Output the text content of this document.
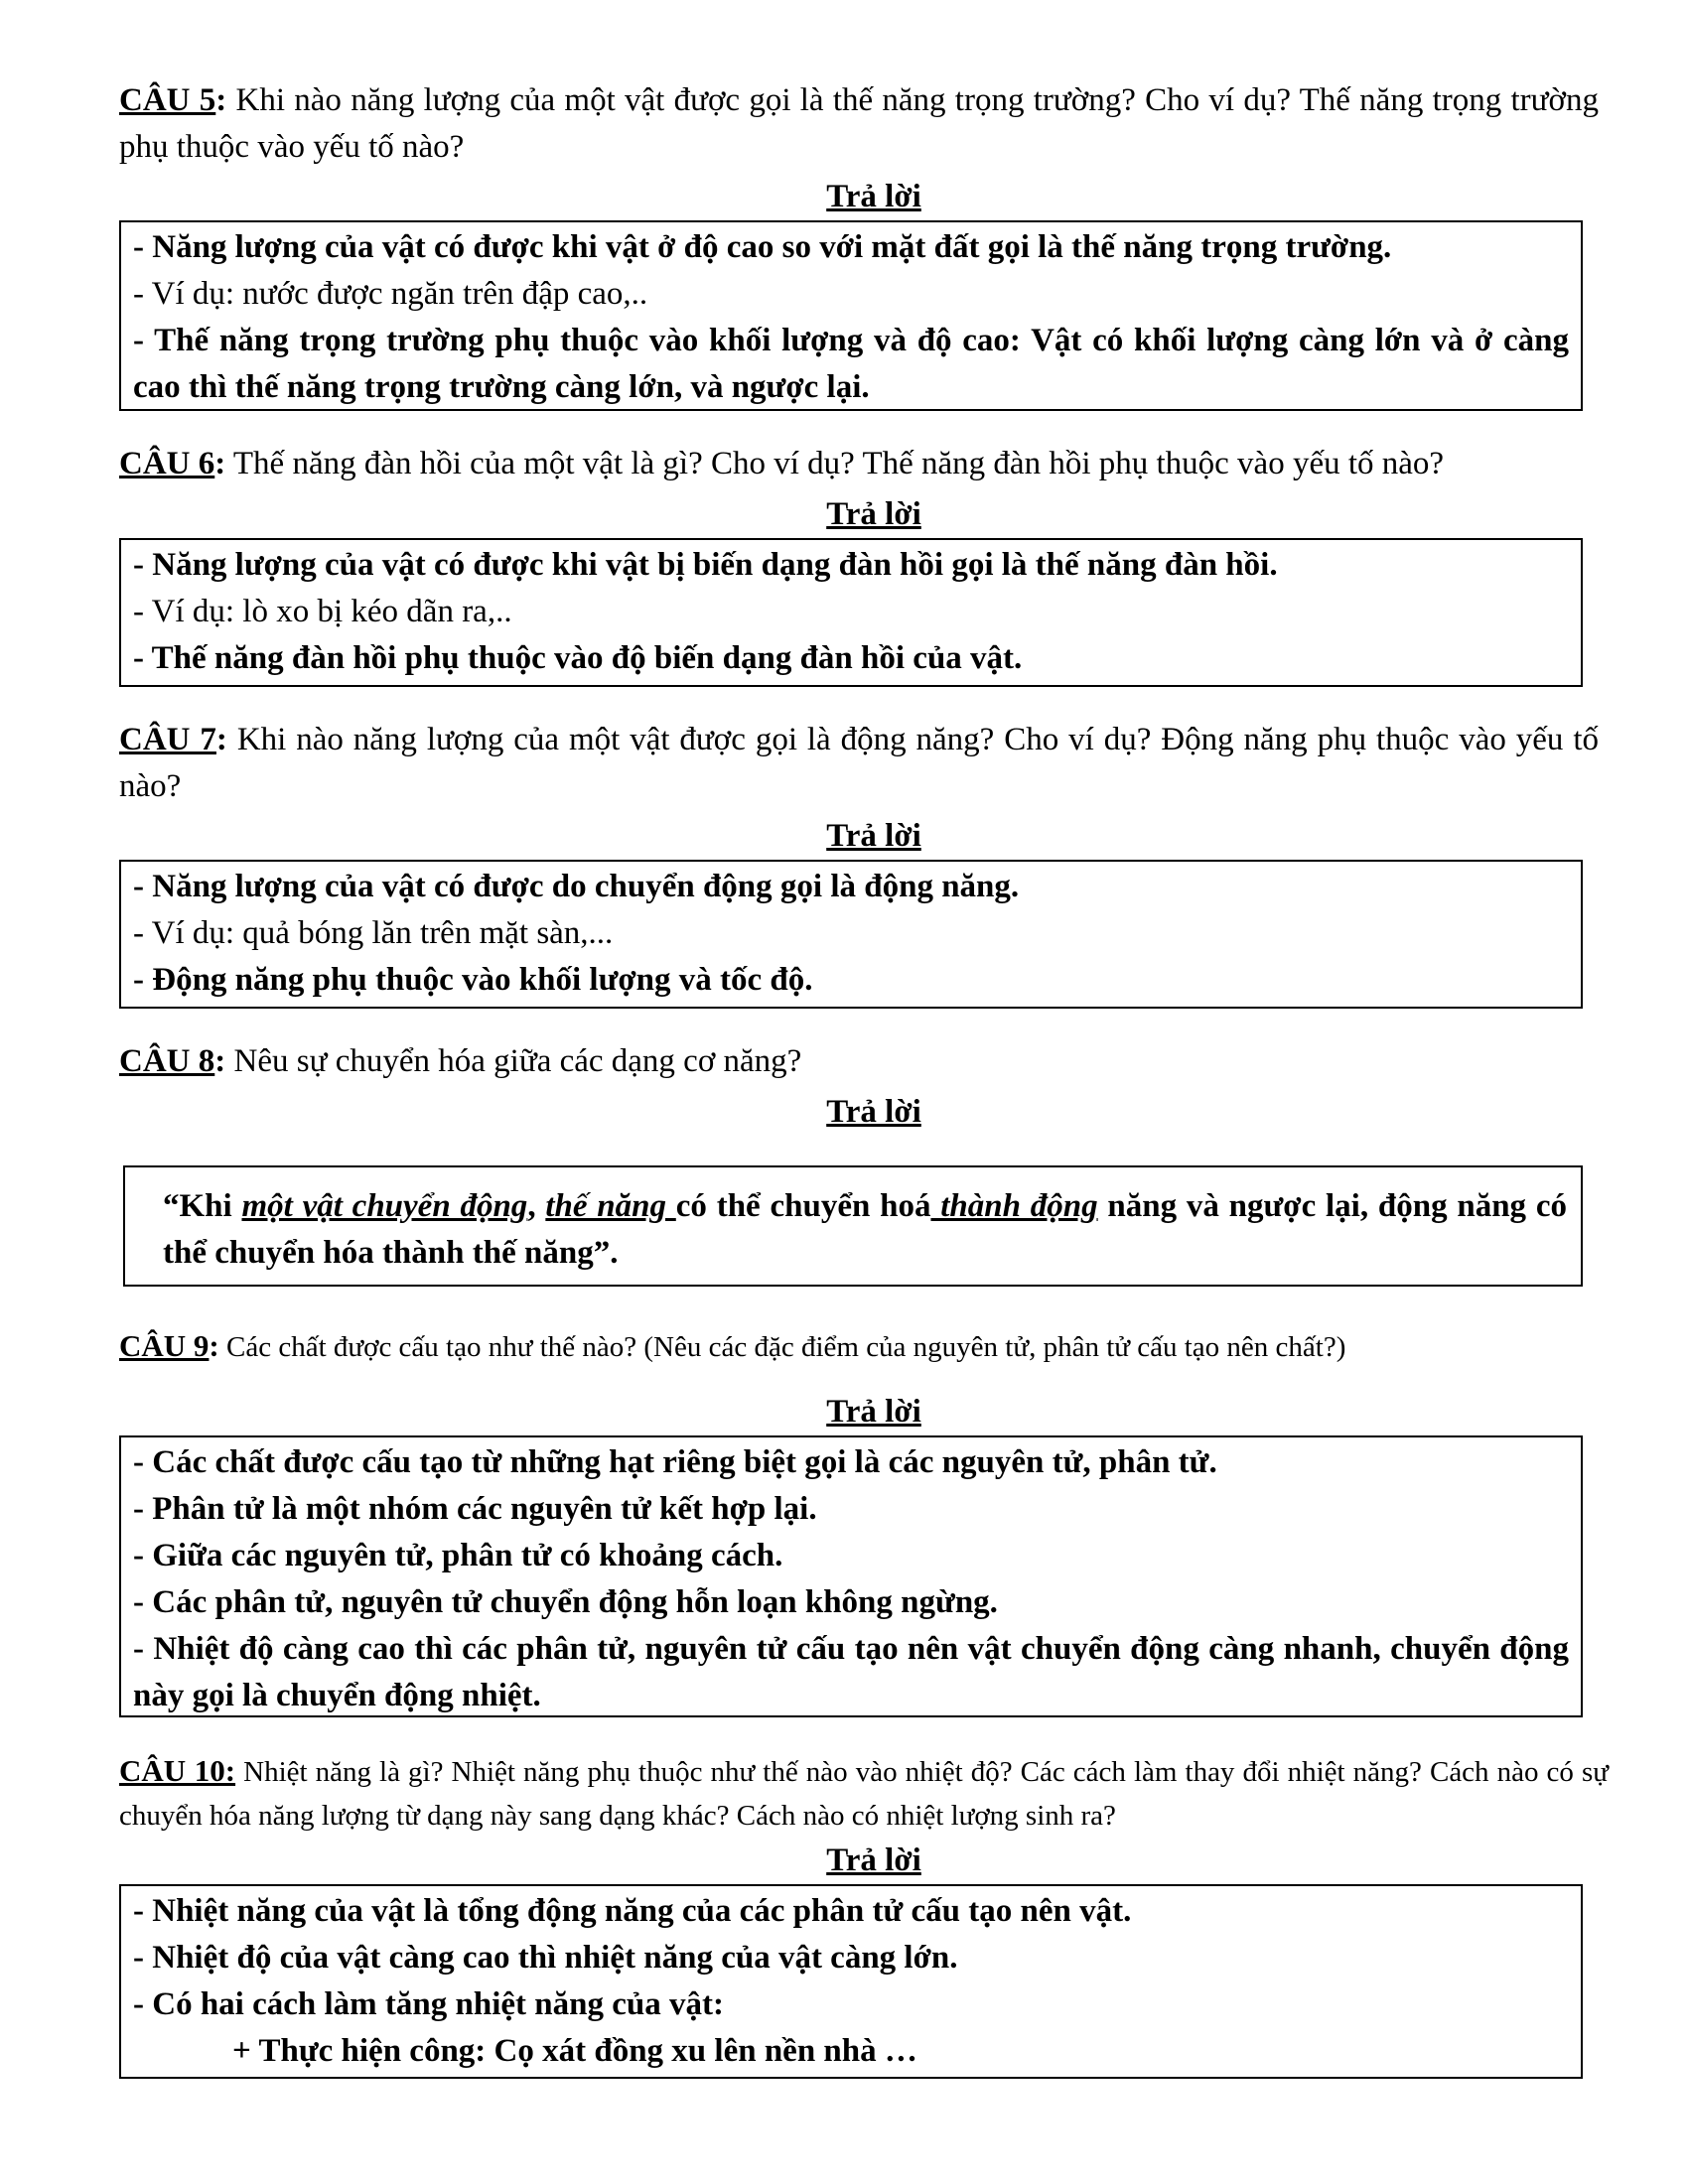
CÂU 5: Khi nào năng lượng của một vật được gọi là thế năng trọng trường? Cho ví dụ? Thế năng trọng trường phụ thuộc vào yếu tố nào?
Trả lời

- Năng lượng của vật có được khi vật ở độ cao so với mặt đất gọi là thế năng trọng trường.

- Ví dụ: nước được ngăn trên đập cao,..

- Thế năng trọng trường phụ thuộc vào khối lượng và độ cao: Vật có khối lượng càng lớn và ở càng cao thì thế năng trọng trường càng lớn, và ngược lại.

CÂU 6: Thế năng đàn hồi của một vật là gì? Cho ví dụ? Thế năng đàn hồi phụ thuộc vào yếu tố nào?
Trả lời

- Năng lượng của vật có được khi vật bị biến dạng đàn hồi gọi là thế năng đàn hồi.

- Ví dụ: lò xo bị kéo dãn ra,..

- Thế năng đàn hồi phụ thuộc vào độ biến dạng đàn hồi của vật.

CÂU 7: Khi nào năng lượng của một vật được gọi là động năng? Cho ví dụ? Động năng phụ thuộc vào yếu tố nào?
Trả lời

- Năng lượng của vật có được do chuyển động gọi là động năng.

- Ví dụ: quả bóng lăn trên mặt sàn,...

- Động năng phụ thuộc vào khối lượng và tốc độ.

CÂU 8: Nêu sự chuyển hóa giữa các dạng cơ năng?
Trả lời

“Khi một vật chuyển động, thế năng có thể chuyển hoá thành động năng và ngược lại, động năng có thể chuyển hóa thành thế năng”.

CÂU 9: Các chất được cấu tạo như thế nào? (Nêu các đặc điểm của nguyên tử, phân tử cấu tạo nên chất?)
Trả lời

- Các chất được cấu tạo từ những hạt riêng biệt gọi là các nguyên tử, phân tử.

- Phân tử là một nhóm các nguyên tử kết hợp lại.

- Giữa các nguyên tử, phân tử có khoảng cách.

- Các phân tử, nguyên tử chuyển động hỗn loạn không ngừng.

- Nhiệt độ càng cao thì các phân tử, nguyên tử cấu tạo nên vật chuyển động càng nhanh, chuyển động này gọi là chuyển động nhiệt.

CÂU 10: Nhiệt năng là gì? Nhiệt năng phụ thuộc như thế nào vào nhiệt độ? Các cách làm thay đổi nhiệt năng? Cách nào có sự chuyển hóa năng lượng từ dạng này sang dạng khác? Cách nào có nhiệt lượng sinh ra?
Trả lời

- Nhiệt năng của vật là tổng động năng của các phân tử cấu tạo nên vật.

- Nhiệt độ của vật càng cao thì nhiệt năng của vật càng lớn.

- Có hai cách làm tăng nhiệt năng của vật:

+ Thực hiện công: Cọ xát đồng xu lên nền nhà …
